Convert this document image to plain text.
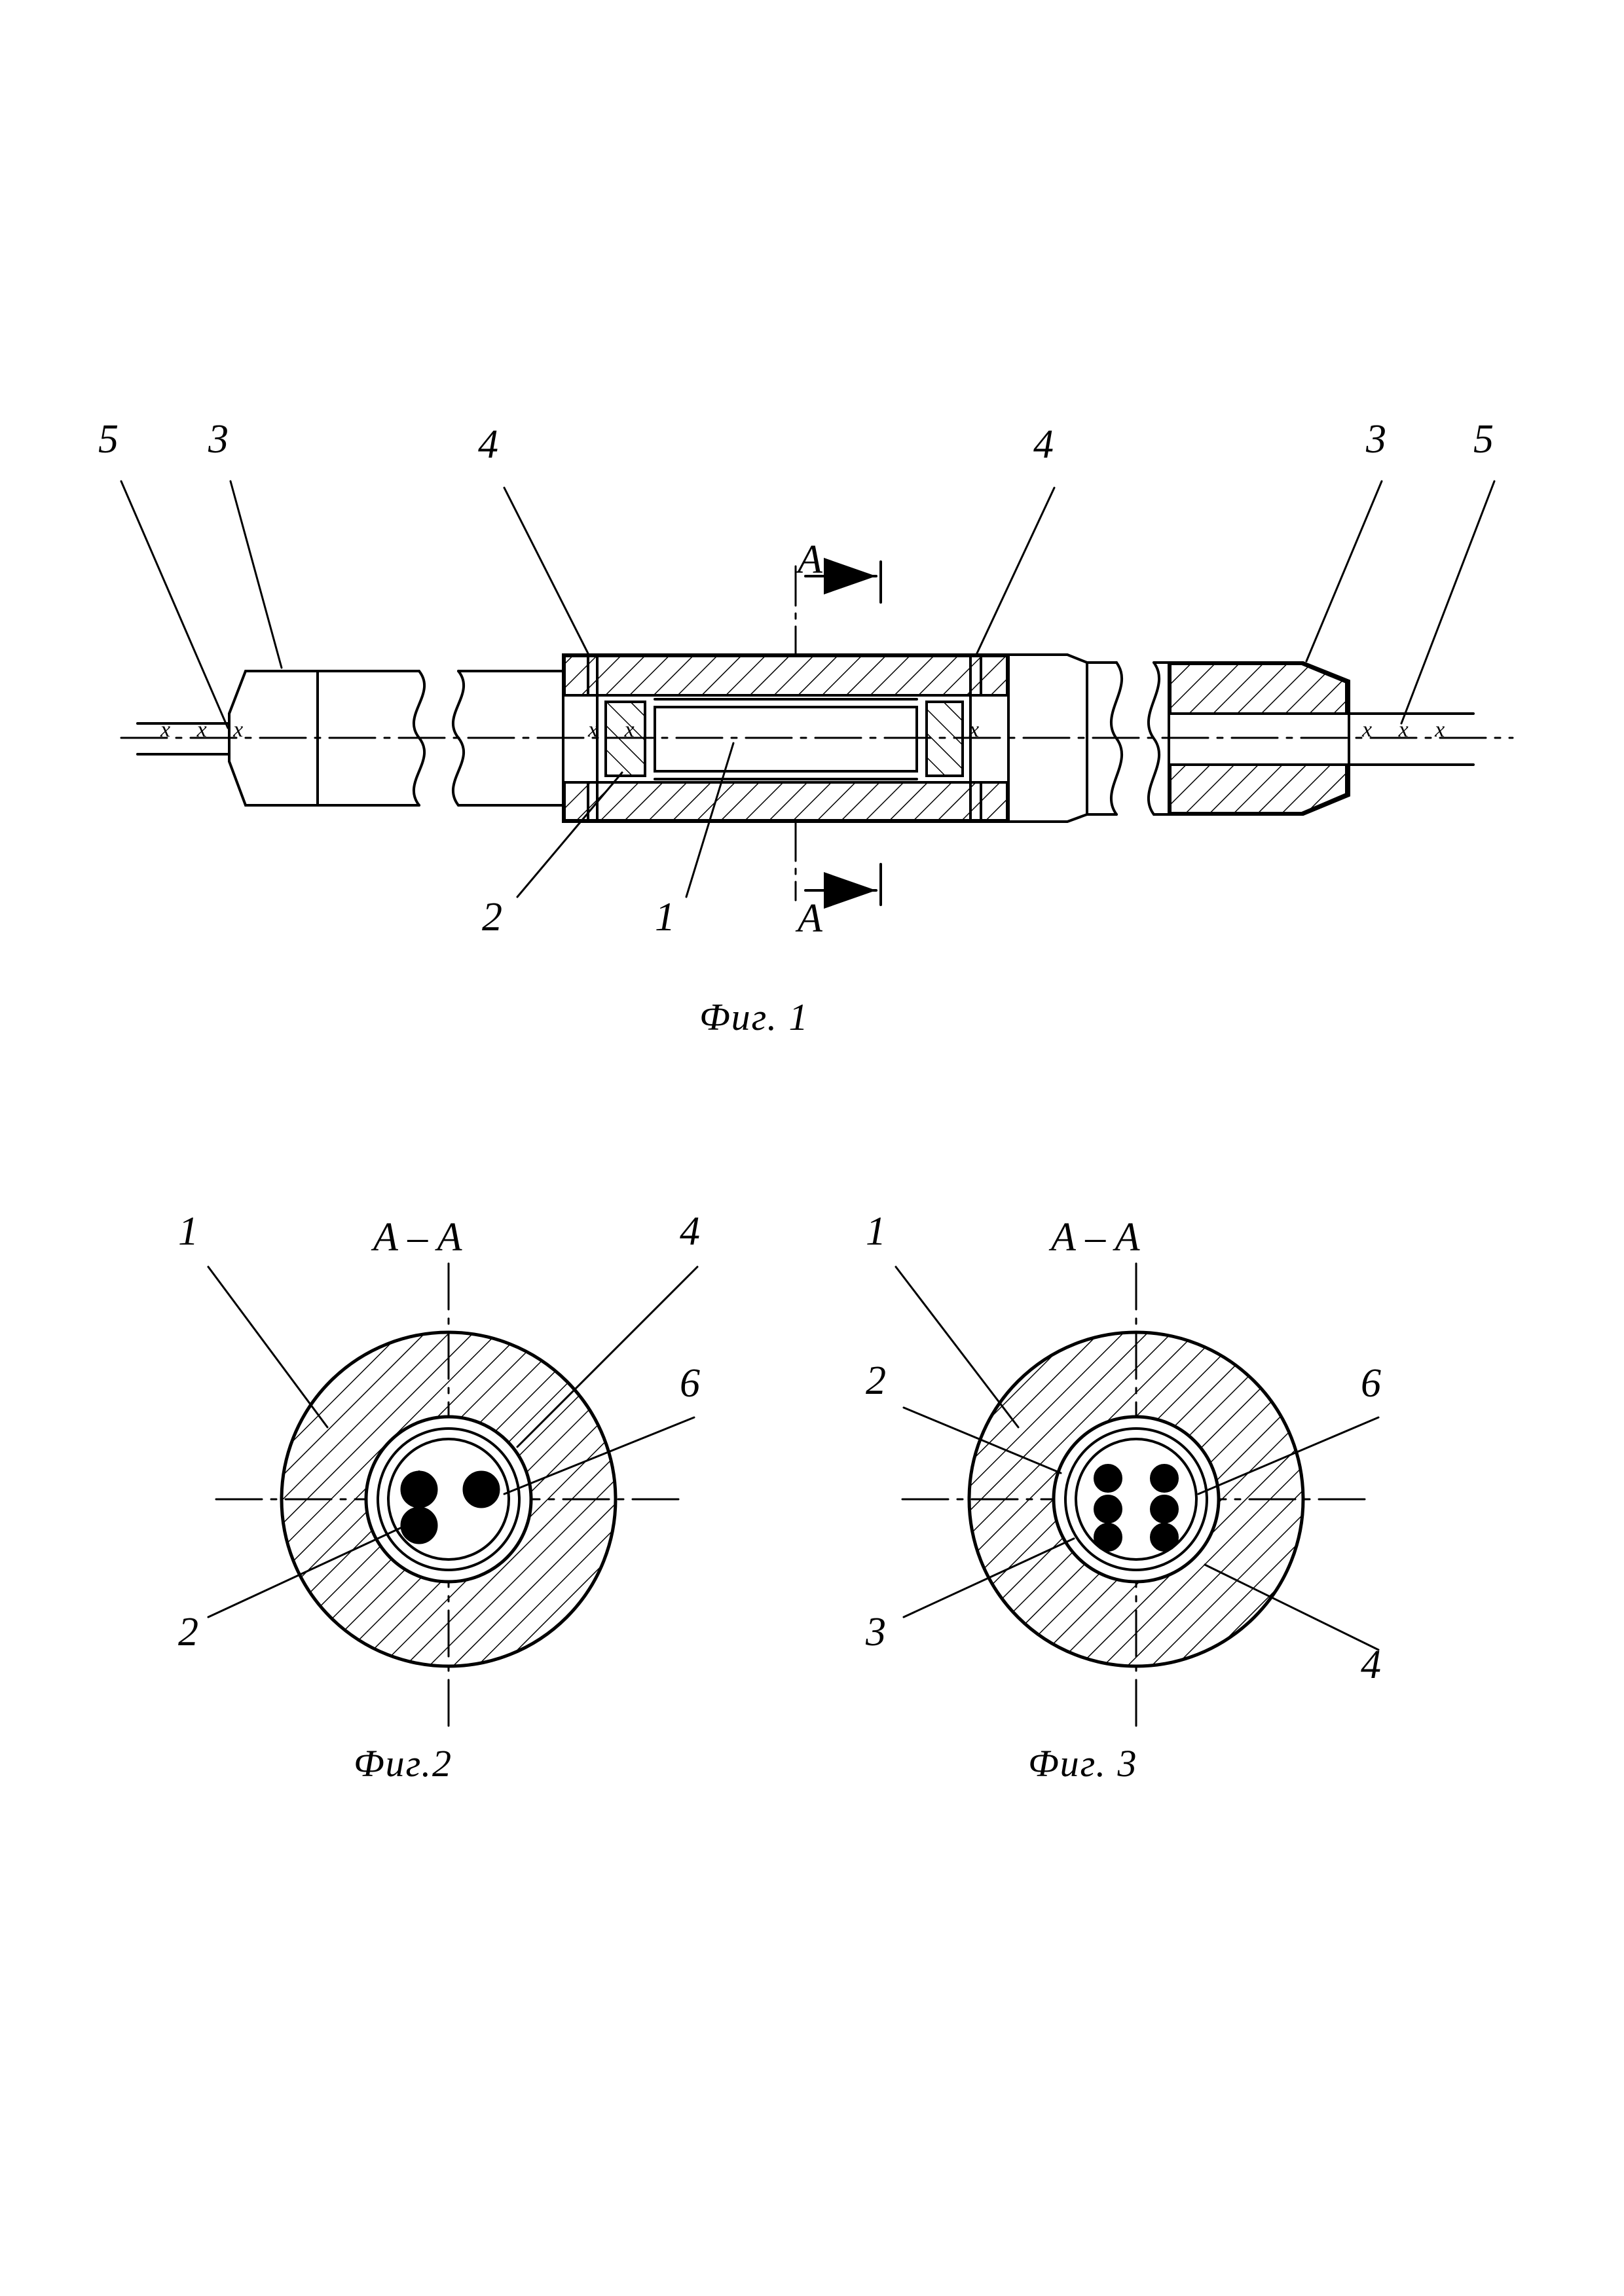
5 3	4	4	3 5
2	1
A
A
x x x	x x	x	x x x
Фиг. 1
1	4
6
2
A – A
Фиг.2
1
6
2
3
4
A – A
Фиг. 3
